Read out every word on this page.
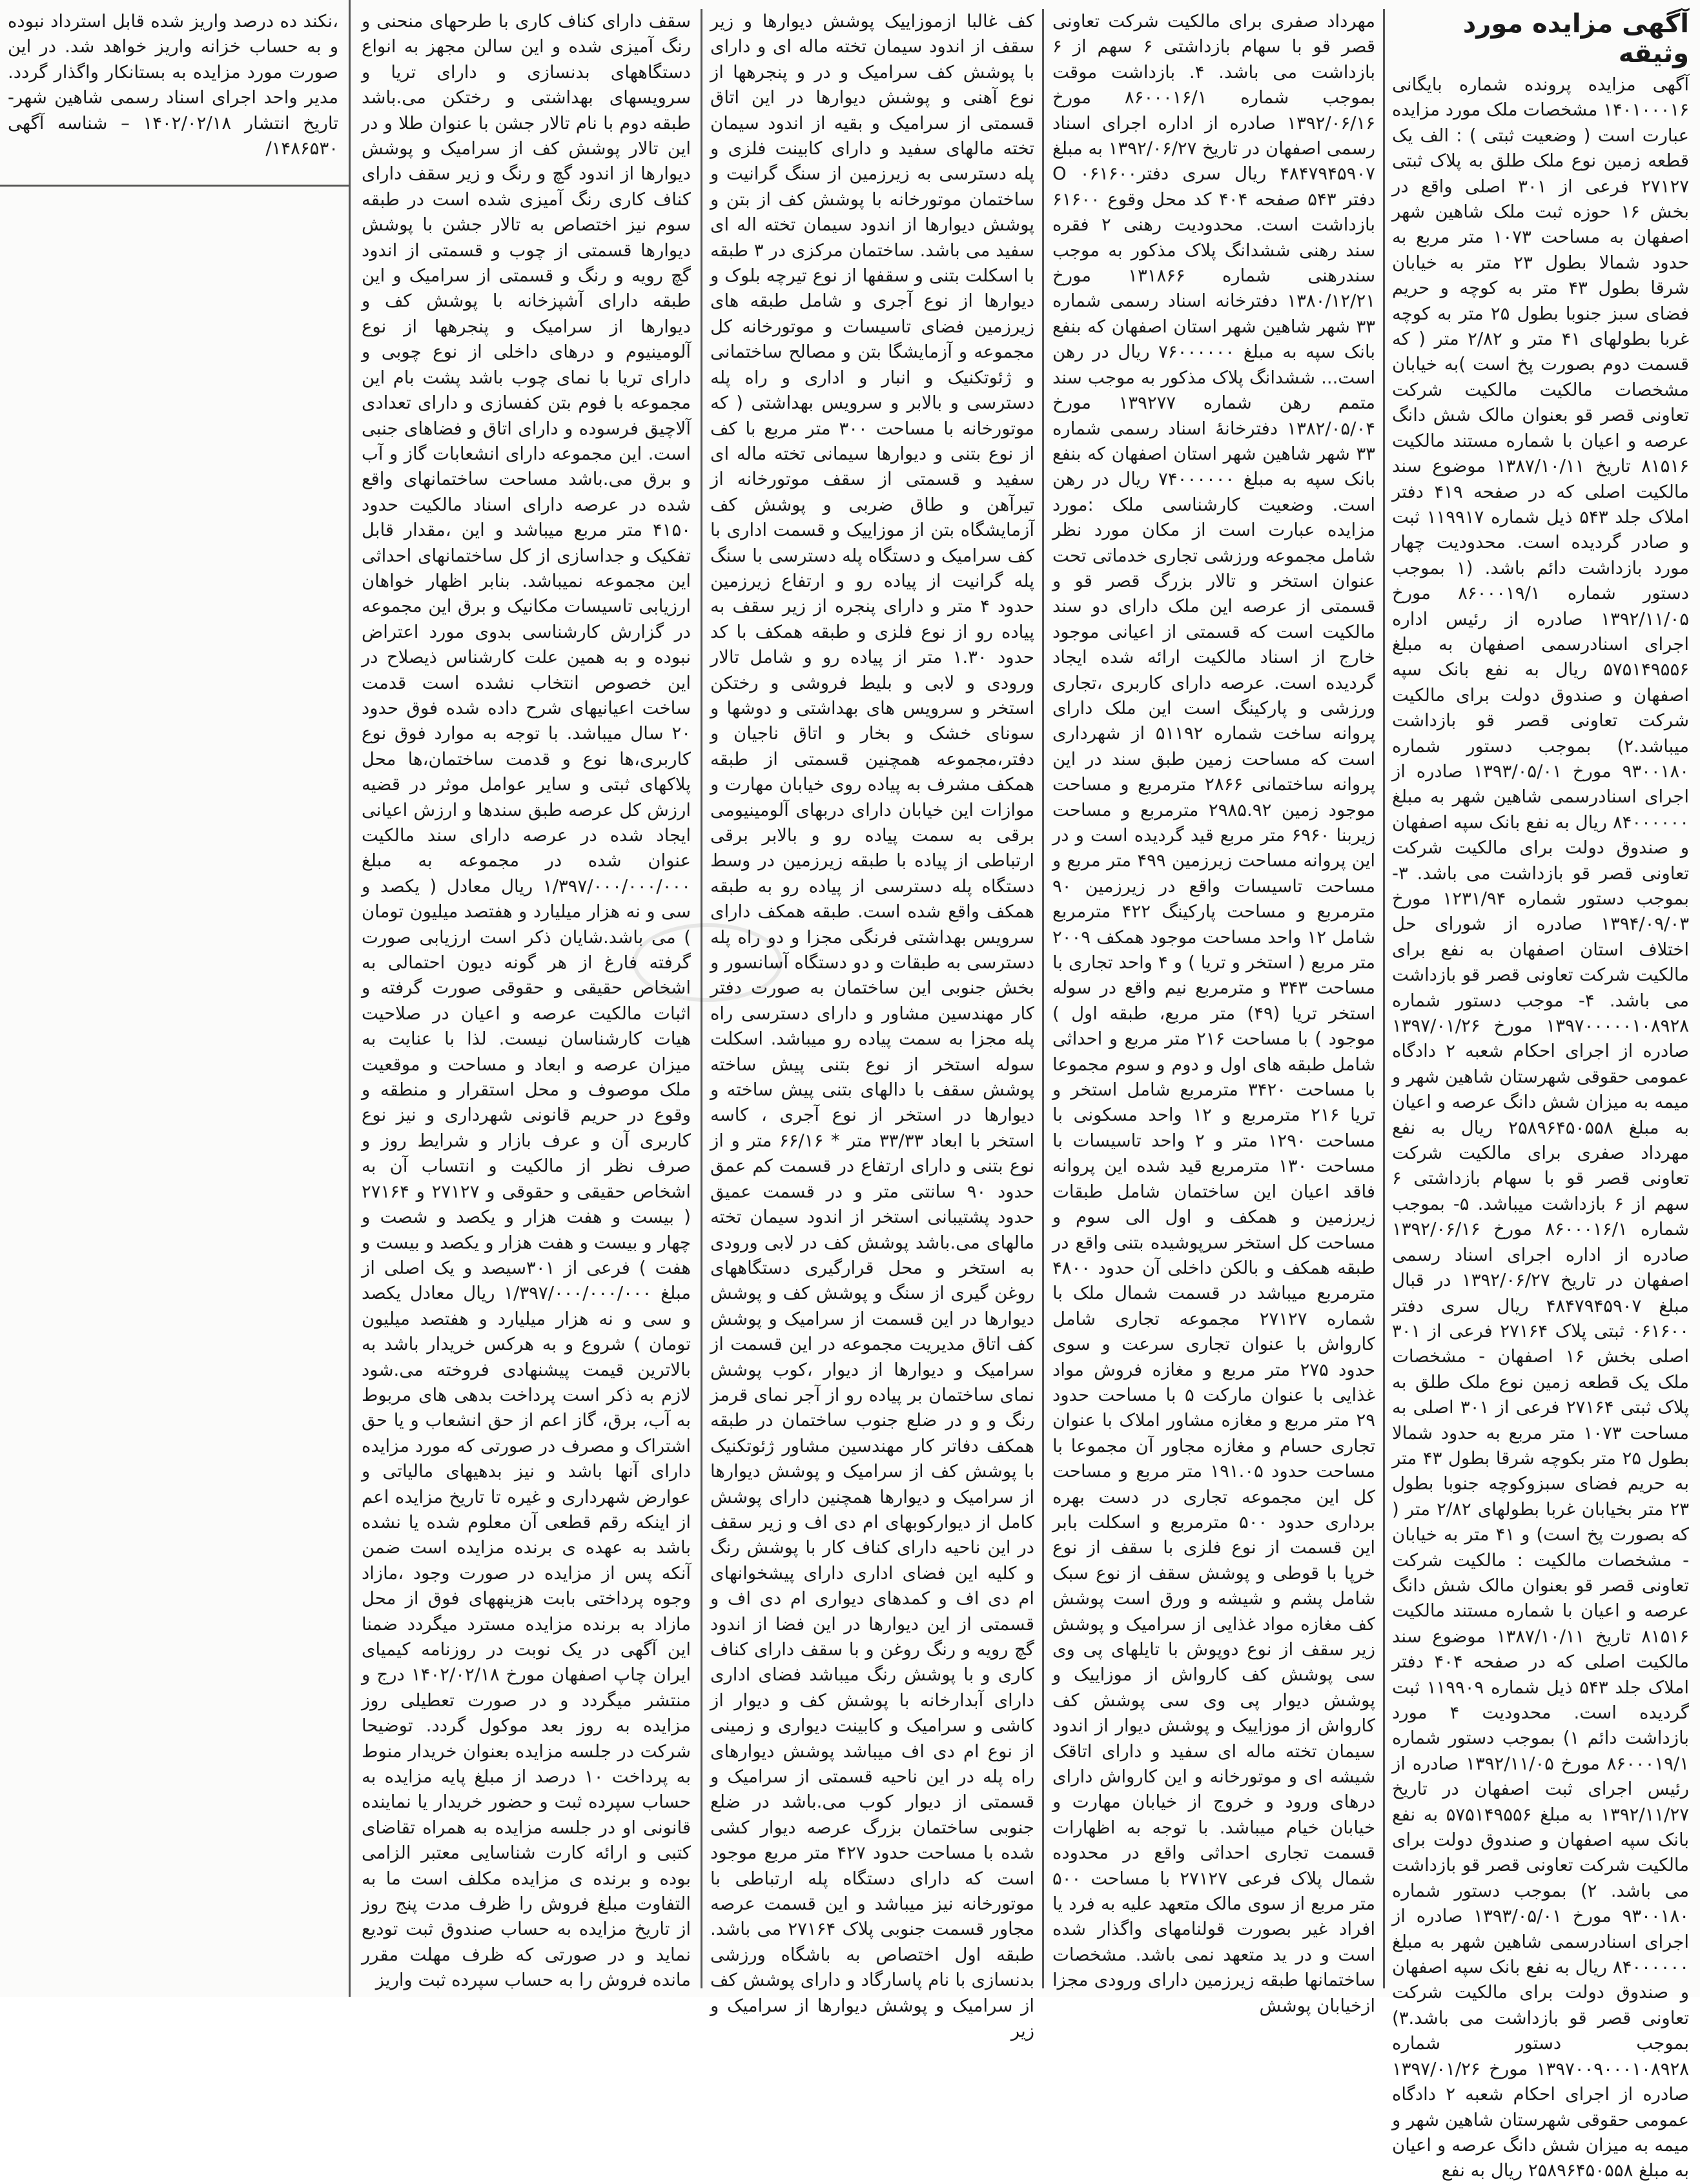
آگهی مزایده مورد وثیقه

آگهی مزایده پرونده شماره بایگانی ۱۴۰۱۰۰۰۱۶ مشخصات ملک مورد مزایده عبارت است ( وضعیت ثبتی ) : الف یک قطعه زمین نوع ملک طلق به پلاک ثبتی ۲۷۱۲۷ فرعی از ۳۰۱ اصلی واقع در بخش ۱۶ حوزه ثبت ملک شاهین شهر اصفهان به مساحت ۱۰۷۳ متر مربع به حدود شمالا بطول ۲۳ متر به خیابان شرقا بطول ۴۳ متر به کوچه و حریم فضای سبز جنوبا بطول ۲۵ متر به کوچه غربا بطولهای ۴۱ متر و ۲/۸۲ متر ( که قسمت دوم بصورت پخ است )به خیابان مشخصات مالکیت مالکیت شرکت تعاونی قصر قو بعنوان مالک شش دانگ عرصه و اعیان با شماره مستند مالکیت ۸۱۵۱۶ تاریخ ۱۳۸۷/۱۰/۱۱ موضوع سند مالکیت اصلی که در صفحه ۴۱۹ دفتر املاک جلد ۵۴۳ ذیل شماره ۱۱۹۹۱۷ ثبت و صادر گردیده است. محدودیت چهار مورد بازداشت دائم باشد. (۱ بموجب دستور شماره ۸۶۰۰۰۱۹/۱ مورخ ۱۳۹۲/۱۱/۰۵ صادره از رئیس اداره اجرای اسنادرسمی اصفهان به مبلغ ۵۷۵۱۴۹۵۵۶ ریال به نفع بانک سپه اصفهان و صندوق دولت برای مالکیت شرکت تعاونی قصر قو بازداشت میباشد.۲) بموجب دستور شماره ۹۳۰۰۱۸۰ مورخ ۱۳۹۳/۰۵/۰۱ صادره از اجرای اسنادرسمی شاهین شهر به مبلغ ۸۴۰۰۰۰۰۰ ریال به نفع بانک سپه اصفهان و صندوق دولت برای مالکیت شرکت تعاونی قصر قو بازداشت می باشد. ۳- بموجب دستور شماره ۱۲۳۱/۹۴ مورخ ۱۳۹۴/۰۹/۰۳ صادره از شورای حل اختلاف استان اصفهان به نفع برای مالکیت شرکت تعاونی قصر قو بازداشت می باشد. ۴- موجب دستور شماره ۱۳۹۷۰۰۰۰۰۱۰۸۹۲۸ مورخ ۱۳۹۷/۰۱/۲۶ صادره از اجرای احکام شعبه ۲ دادگاه عمومی حقوقی شهرستان شاهین شهر و میمه به میزان شش دانگ عرصه و اعیان به مبلغ ۲۵۸۹۶۴۵۰۵۵۸ ریال به نفع مهرداد صفری برای مالکیت شرکت تعاونی قصر قو با سهام بازداشتی ۶ سهم از ۶ بازداشت میباشد. ۵- بموجب شماره ۸۶۰۰۰۱۶/۱ مورخ ۱۳۹۲/۰۶/۱۶ صادره از اداره اجرای اسناد رسمی اصفهان در تاریخ ۱۳۹۲/۰۶/۲۷ در قبال مبلغ ۴۸۴۷۹۴۵۹۰۷ ریال سری دفتر ۰۶۱۶۰۰ ثبتی پلاک ۲۷۱۶۴ فرعی از ۳۰۱ اصلی بخش ۱۶ اصفهان - مشخصات ملک یک قطعه زمین نوع ملک طلق به پلاک ثبتی ۲۷۱۶۴ فرعی از ۳۰۱ اصلی به مساحت ۱۰۷۳ متر مربع به حدود شمالا بطول ۲۵ متر بکوچه شرقا بطول ۴۳ متر به حریم فضای سبزوکوچه جنوبا بطول ۲۳ متر بخیابان غربا بطولهای ۲/۸۲ متر ( که بصورت پخ است) و ۴۱ متر به خیابان - مشخصات مالکیت : مالکیت شرکت تعاونی قصر قو بعنوان مالک شش دانگ عرصه و اعیان با شماره مستند مالکیت ۸۱۵۱۶ تاریخ ۱۳۸۷/۱۰/۱۱ موضوع سند مالکیت اصلی که در صفحه ۴۰۴ دفتر املاک جلد ۵۴۳ ذیل شماره ۱۱۹۹۰۹ ثبت گردیده است. محدودیت ۴ مورد بازداشت دائم ۱) بموجب دستور شماره ۸۶۰۰۰۱۹/۱ مورخ ۱۳۹۲/۱۱/۰۵ صادره از رئیس اجرای ثبت اصفهان در تاریخ ۱۳۹۲/۱۱/۲۷ به مبلغ ۵۷۵۱۴۹۵۵۶ به نفع بانک سپه اصفهان و صندوق دولت برای مالکیت شرکت تعاونی قصر قو بازداشت می باشد. ۲) بموجب دستور شماره ۹۳۰۰۱۸۰ مورخ ۱۳۹۳/۰۵/۰۱ صادره از اجرای اسنادرسمی شاهین شهر به مبلغ ۸۴۰۰۰۰۰۰ ریال به نفع بانک سپه اصفهان و صندوق دولت برای مالکیت شرکت تعاونی قصر قو بازداشت می باشد.۳) بموجب دستور شماره ۱۳۹۷۰۰۹۰۰۰۱۰۸۹۲۸ مورخ ۱۳۹۷/۰۱/۲۶ صادره از اجرای احکام شعبه ۲ دادگاه عمومی حقوقی شهرستان شاهین شهر و میمه به میزان شش دانگ عرصه و اعیان به مبلغ ۲۵۸۹۶۴۵۰۵۵۸ ریال به نفع

مهرداد صفری برای مالکیت شرکت تعاونی قصر قو با سهام بازداشتی ۶ سهم از ۶ بازداشت می باشد. ۴. بازداشت موقت بموجب شماره ۸۶۰۰۰۱۶/۱ مورخ ۱۳۹۲/۰۶/۱۶ صادره از اداره اجرای اسناد رسمی اصفهان در تاریخ ۱۳۹۲/۰۶/۲۷ به مبلغ ۴۸۴۷۹۴۵۹۰۷ ریال سری دفتر۰۶۱۶۰۰ O دفتر ۵۴۳ صفحه ۴۰۴ کد محل وقوع ۶۱۶۰۰ بازداشت است. محدودیت رهنی ۲ فقره سند رهنی ششدانگ پلاک مذکور به موجب سندرهنی شماره ۱۳۱۸۶۶ مورخ ۱۳۸۰/۱۲/۲۱ دفترخانه اسناد رسمی شماره ۳۳ شهر شاهین شهر استان اصفهان که بنفع بانک سپه به مبلغ ۷۶۰۰۰۰۰۰ ریال در رهن است... ششدانگ پلاک مذکور به موجب سند متمم رهن شماره ۱۳۹۲۷۷ مورخ ۱۳۸۲/۰۵/۰۴ دفترخانۀ اسناد رسمی شماره ۳۳ شهر شاهین شهر استان اصفهان که بنفع بانک سپه به مبلغ ۷۴۰۰۰۰۰۰ ریال در رهن است. وضعیت کارشناسی ملک :مورد مزایده عبارت است از مکان مورد نظر شامل مجموعه ورزشی تجاری خدماتی تحت عنوان استخر و تالار بزرگ قصر قو و قسمتی از عرصه این ملک دارای دو سند مالکیت است که قسمتی از اعیانی موجود خارج از اسناد مالکیت ارائه شده ایجاد گردیده است. عرصه دارای کاربری ،تجاری ورزشی و پارکینگ است این ملک دارای پروانه ساخت شماره ۵۱۱۹۲ از شهرداری است که مساحت زمین طبق سند در این پروانه ساختمانی ۲۸۶۶ مترمربع و مساحت موجود زمین ۲۹۸۵.۹۲ مترمربع و مساحت زیربنا ۶۹۶۰ متر مربع قید گردیده است و در این پروانه مساحت زیرزمین ۴۹۹ متر مربع و مساحت تاسیسات واقع در زیرزمین ۹۰ مترمربع و مساحت پارکینگ ۴۲۲ مترمربع شامل ۱۲ واحد مساحت موجود همکف ۲۰۰۹ متر مربع ( استخر و تریا ) و ۴ واحد تجاری با مساحت ۳۴۳ و مترمربع نیم واقع در سوله استخر تریا (۴۹) متر مربع، طبقه اول ) موجود ) با مساحت ۲۱۶ متر مربع و احداثی شامل طبقه های اول و دوم و سوم مجموعا با مساحت ۳۴۲۰ مترمربع شامل استخر و تریا ۲۱۶ مترمربع و ۱۲ واحد مسکونی با مساحت ۱۲۹۰ متر و ۲ واحد تاسیسات با مساحت ۱۳۰ مترمربع قید شده این پروانه فاقد اعیان این ساختمان شامل طبقات زیرزمین و همکف و اول الی سوم و مساحت کل استخر سرپوشیده بتنی واقع در طبقه همکف و بالکن داخلی آن حدود ۴۸۰۰ مترمربع میباشد در قسمت شمال ملک با شماره ۲۷۱۲۷ مجموعه تجاری شامل کارواش با عنوان تجاری سرعت و سوی حدود ۲۷۵ متر مربع و مغازه فروش مواد غذایی با عنوان مارکت ۵ با مساحت حدود ۲۹ متر مربع و مغازه مشاور املاک با عنوان تجاری حسام و مغازه مجاور آن مجموعا با مساحت حدود ۱۹۱.۰۵ متر مربع و مساحت کل این مجموعه تجاری در دست بهره برداری حدود ۵۰۰ مترمربع و اسکلت بابر این قسمت از نوع فلزی با سقف از نوع خرپا با قوطی و پوشش سقف از نوع سبک شامل پشم و شیشه و ورق است پوشش کف مغازه مواد غذایی از سرامیک و پوشش زیر سقف از نوع دوپوش با تایلهای پی وی سی پوشش کف کارواش از موزاییک و پوشش دیوار پی وی سی پوشش کف کارواش از موزاییک و پوشش دیوار از اندود سیمان تخته ماله ای سفید و دارای اتاقک شیشه ای و موتورخانه و این کارواش دارای درهای ورود و خروج از خیابان مهارت و خیابان خیام میباشد. با توجه به اظهارات قسمت تجاری احداثی واقع در محدوده شمال پلاک فرعی ۲۷۱۲۷ با مساحت ۵۰۰ متر مربع از سوی مالک متعهد علیه به فرد یا افراد غیر بصورت قولنامهای واگذار شده است و در ید متعهد نمی باشد. مشخصات ساختمانها طبقه زیرزمین دارای ورودی مجزا ازخیابان پوشش

کف غالبا ازموزاییک پوشش دیوارها و زیر سقف از اندود سیمان تخته ماله ای و دارای با پوشش کف سرامیک و در و پنجرهها از نوع آهنی و پوشش دیوارها در این اتاق قسمتی از سرامیک و بقیه از اندود سیمان تخته مالهای سفید و دارای کابینت فلزی و پله دسترسی به زیرزمین از سنگ گرانیت و ساختمان موتورخانه با پوشش کف از بتن و پوشش دیوارها از اندود سیمان تخته اله ای سفید می باشد. ساختمان مرکزی در ۳ طبقه با اسکلت بتنی و سقفها از نوع تیرچه بلوک و دیوارها از نوع آجری و شامل طبقه های زیرزمین فضای تاسیسات و موتورخانه کل مجموعه و آزمایشگا بتن و مصالح ساختمانی و ژئوتکنیک و انبار و اداری و راه پله دسترسی و بالابر و سرویس بهداشتی ( که موتورخانه با مساحت ۳۰۰ متر مربع با کف از نوع بتنی و دیوارها سیمانی تخته ماله ای سفید و قسمتی از سقف موتورخانه از تیرآهن و طاق ضربی و پوشش کف آزمایشگاه بتن از موزاییک و قسمت اداری با کف سرامیک و دستگاه پله دسترسی با سنگ پله گرانیت از پیاده رو و ارتفاع زیرزمین حدود ۴ متر و دارای پنجره از زیر سقف به پیاده رو از نوع فلزی و طبقه همکف با کد حدود ۱.۳۰ متر از پیاده رو و شامل تالار ورودی و لابی و بلیط فروشی و رختکن استخر و سرویس های بهداشتی و دوشها و سونای خشک و بخار و اتاق ناجیان و دفتر،مجموعه همچنین قسمتی از طبقه همکف مشرف به پیاده روی خیابان مهارت و موازات این خیابان دارای دربهای آلومینیومی برقی به سمت پیاده رو و بالابر برقی ارتباطی از پیاده با طبقه زیرزمین در وسط دستگاه پله دسترسی از پیاده رو به طبقه همکف واقع شده است. طبقه همکف دارای سرویس بهداشتی فرنگی مجزا و دو راه پله دسترسی به طبقات و دو دستگاه آسانسور و بخش جنوبی این ساختمان به صورت دفتر کار مهندسین مشاور و دارای دسترسی راه پله مجزا به سمت پیاده رو میباشد. اسکلت سوله استخر از نوع بتنی پیش ساخته پوشش سقف با دالهای بتنی پیش ساخته و دیوارها در استخر از نوع آجری ، کاسه استخر با ابعاد ۳۳/۳۳ متر * ۶۶/۱۶ متر و از نوع بتنی و دارای ارتفاع در قسمت کم عمق حدود ۹۰ سانتی متر و در قسمت عمیق حدود پشتیبانی استخر از اندود سیمان تخته مالهای می.باشد پوشش کف در لابی ورودی به استخر و محل قرارگیری دستگاههای روغن گیری از سنگ و پوشش کف و پوشش دیوارها در این قسمت از سرامیک و پوشش کف اتاق مدیریت مجموعه در این قسمت از سرامیک و دیوارها از دیوار ،کوب پوشش نمای ساختمان بر پیاده رو از آجر نمای قرمز رنگ و و در ضلع جنوب ساختمان در طبقه همکف دفاتر کار مهندسین مشاور ژئوتکنیک با پوشش کف از سرامیک و پوشش دیوارها از سرامیک و دیوارها همچنین دارای پوشش کامل از دیوارکوبهای ام دی اف و زیر سقف در این ناحیه دارای کناف کار با پوشش رنگ و کلیه این فضای اداری دارای پیشخوانهای ام دی اف و کمدهای دیواری ام دی اف و قسمتی از این دیوارها در این فضا از اندود گچ رویه و رنگ روغن و با سقف دارای کناف کاری و با پوشش رنگ میباشد فضای اداری دارای آبدارخانه با پوشش کف و دیوار از کاشی و سرامیک و کابینت دیواری و زمینی از نوع ام دی اف میباشد پوشش دیوارهای راه پله در این ناحیه قسمتی از سرامیک و قسمتی از دیوار کوب می.باشد در ضلع جنوبی ساختمان بزرگ عرصه دیوار کشی شده با مساحت حدود ۴۲۷ متر مربع موجود است که دارای دستگاه پله ارتباطی با موتورخانه نیز میباشد و این قسمت عرصه مجاور قسمت جنوبی پلاک ۲۷۱۶۴ می باشد. طبقه اول اختصاص به باشگاه ورزشی بدنسازی با نام پاسارگاد و دارای پوشش کف از سرامیک و پوشش دیوارها از سرامیک و زیر

سقف دارای کناف کاری با طرحهای منحنی و رنگ آمیزی شده و این سالن مجهز به انواع دستگاههای بدنسازی و دارای تریا و سرویسهای بهداشتی و رختکن می.باشد طبقه دوم با نام تالار جشن با عنوان طلا و در این تالار پوشش کف از سرامیک و پوشش دیوارها از اندود گچ و رنگ و زیر سقف دارای کناف کاری رنگ آمیزی شده است در طبقه سوم نیز اختصاص به تالار جشن با پوشش دیوارها قسمتی از چوب و قسمتی از اندود گچ رویه و رنگ و قسمتی از سرامیک و این طبقه دارای آشپزخانه با پوشش کف و دیوارها از سرامیک و پنجرهها از نوع آلومینیوم و درهای داخلی از نوع چوبی و دارای تریا با نمای چوب باشد پشت بام این مجموعه با فوم بتن کفسازی و دارای تعدادی آلاچیق فرسوده و دارای اتاق و فضاهای جنبی است. این مجموعه دارای انشعابات گاز و آب و برق می.باشد مساحت ساختمانهای واقع شده در عرصه دارای اسناد مالکیت حدود ۴۱۵۰ متر مربع میباشد و این ،مقدار قابل تفکیک و جداسازی از کل ساختمانهای احداثی این مجموعه نمیباشد. بنابر اظهار خواهان ارزیابی تاسیسات مکانیک و برق این مجموعه در گزارش کارشناسی بدوی مورد اعتراض نبوده و به همین علت کارشناس ذیصلاح در این خصوص انتخاب نشده است قدمت ساخت اعیانیهای شرح داده شده فوق حدود ۲۰ سال میباشد. با توجه به موارد فوق نوع کاربری،ها نوع و قدمت ساختمان،ها محل پلاکهای ثبتی و سایر عوامل موثر در قضیه ارزش کل عرصه طبق سندها و ارزش اعیانی ایجاد شده در عرصه دارای سند مالکیت عنوان شده در مجموعه به مبلغ ۱/۳۹۷/۰۰۰/۰۰۰/۰۰۰ ریال معادل ( یکصد و سی و نه هزار میلیارد و هفتصد میلیون تومان ) می باشد.شایان ذکر است ارزیابی صورت گرفته فارغ از هر گونه دیون احتمالی به اشخاص حقیقی و حقوقی صورت گرفته و اثبات مالکیت عرصه و اعیان در صلاحیت هیات کارشناسان نیست. لذا با عنایت به میزان عرصه و ابعاد و مساحت و موقعیت ملک موصوف و محل استقرار و منطقه و وقوع در حریم قانونی شهرداری و نیز نوع کاربری آن و عرف بازار و شرایط روز و صرف نظر از مالکیت و انتساب آن به اشخاص حقیقی و حقوقی و ۲۷۱۲۷ و ۲۷۱۶۴ ( بیست و هفت هزار و یکصد و شصت و چهار و بیست و هفت هزار و یکصد و بیست و هفت ) فرعی از ۳۰۱سیصد و یک اصلی از مبلغ ۱/۳۹۷/۰۰۰/۰۰۰/۰۰۰ ریال معادل یکصد و سی و نه هزار میلیارد و هفتصد میلیون تومان ) شروع و به هرکس خریدار باشد به بالاترین قیمت پیشنهادی فروخته می.شود لازم به ذکر است پرداخت بدهی های مربوط به آب، برق، گاز اعم از حق انشعاب و یا حق اشتراک و مصرف در صورتی که مورد مزایده دارای آنها باشد و نیز بدهیهای مالیاتی و عوارض شهرداری و غیره تا تاریخ مزایده اعم از اینکه رقم قطعی آن معلوم شده یا نشده باشد به عهده ی برنده مزایده است ضمن آنکه پس از مزایده در صورت وجود ،مازاد وجوه پرداختی بابت هزینههای فوق از محل مازاد به برنده مزایده مسترد میگردد ضمنا این آگهی در یک نوبت در روزنامه کیمیای ایران چاپ اصفهان مورخ ۱۴۰۲/۰۲/۱۸ درج و منتشر میگردد و در صورت تعطیلی روز مزایده به روز بعد موکول گردد. توضیحا شرکت در جلسه مزایده بعنوان خریدار منوط به پرداخت ۱۰ درصد از مبلغ پایه مزایده به حساب سپرده ثبت و حضور خریدار یا نماینده قانونی او در جلسه مزایده به همراه تقاضای کتبی و ارائه کارت شناسایی معتبر الزامی بوده و برنده ی مزایده مکلف است ما به التفاوت مبلغ فروش را ظرف مدت پنج روز از تاریخ مزایده به حساب صندوق ثبت تودیع نماید و در صورتی که ظرف مهلت مقرر مانده فروش را به حساب سپرده ثبت واریز

،نکند ده درصد واریز شده قابل استرداد نبوده و به حساب خزانه واریز خواهد شد. در این صورت مورد مزایده به بستانکار واگذار گردد. مدیر واحد اجرای اسناد رسمی شاهین شهر- تاریخ انتشار ۱۴۰۲/۰۲/۱۸ – شناسه آگهی ۱۴۸۶۵۳۰/
